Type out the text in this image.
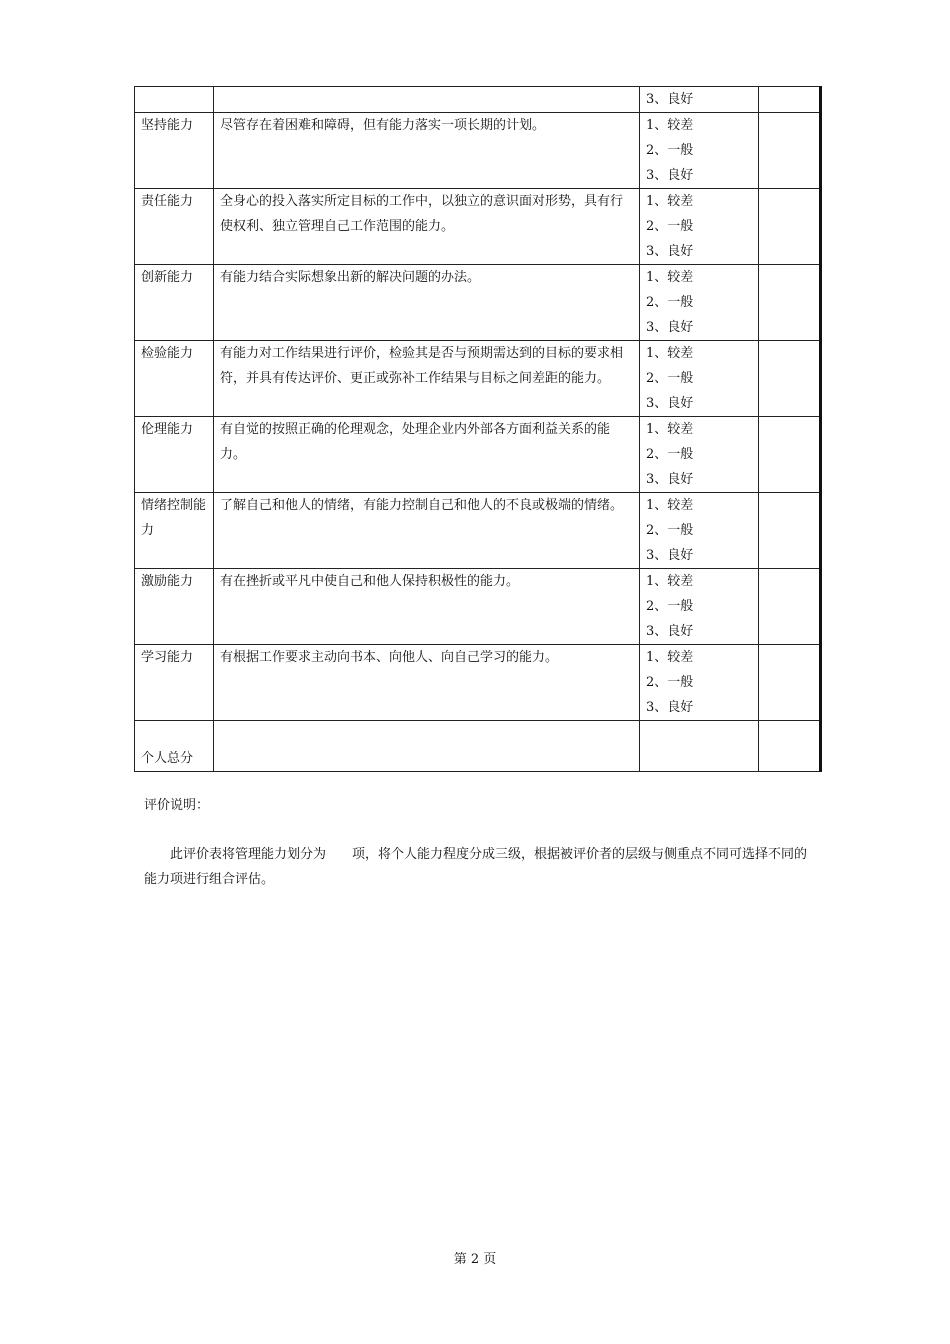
		3、良好	

坚持能力	尽管存在着困难和障碍，但有能力落实一项长期的计划。	1、较差
2、一般
3、良好	

责任能力	全身心的投入落实所定目标的工作中，以独立的意识面对形势，具有行使权利、独立管理自己工作范围的能力。	1、较差
2、一般
3、良好	

创新能力	有能力结合实际想象出新的解决问题的办法。	1、较差
2、一般
3、良好	

检验能力	有能力对工作结果进行评价，检验其是否与预期需达到的目标的要求相符，并具有传达评价、更正或弥补工作结果与目标之间差距的能力。	1、较差
2、一般
3、良好	

伦理能力	有自觉的按照正确的伦理观念，处理企业内外部各方面利益关系的能力。	1、较差
2、一般
3、良好	

情绪控制能力	了解自己和他人的情绪，有能力控制自己和他人的不良或极端的情绪。	1、较差
2、一般
3、良好	

激励能力	有在挫折或平凡中使自己和他人保持积极性的能力。	1、较差
2、一般
3、良好	

学习能力	有根据工作要求主动向书本、向他人、向自己学习的能力。	1、较差
2、一般
3、良好	

个人总分			

评价说明：
此评价表将管理能力划分为　　项，将个人能力程度分成三级，根据被评价者的层级与侧重点不同可选择不同的能力项进行组合评估。
第 2 页
